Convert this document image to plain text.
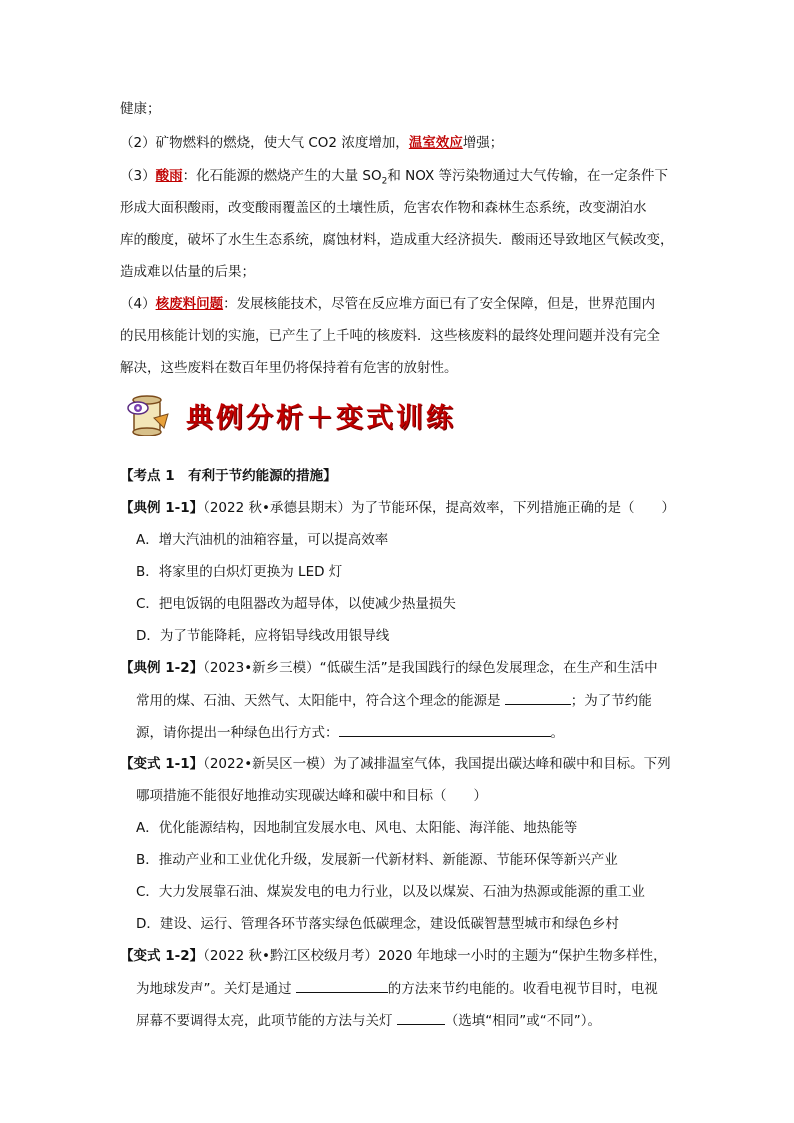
健康；
（2）矿物燃料的燃烧，使大气 CO2 浓度增加，温室效应增强；
（3）酸雨：化石能源的燃烧产生的大量 $SO_2$和 NOX 等污染物通过大气传输，在一定条件下
形成大面积酸雨，改变酸雨覆盖区的土壤性质，危害农作物和森林生态系统，改变湖泊水
库的酸度，破坏了水生生态系统，腐蚀材料，造成重大经济损失．酸雨还导致地区气候改变，
造成难以估量的后果；
（4）核废料问题：发展核能技术，尽管在反应堆方面已有了安全保障，但是，世界范围内
的民用核能计划的实施，已产生了上千吨的核废料．这些核废料的最终处理问题并没有完全
解决，这些废料在数百年里仍将保持着有危害的放射性。
典例分析＋变式训练
【考点 1　有利于节约能源的措施】
【典例 1-1】（2022 秋•承德县期末）为了节能环保，提高效率，下列措施正确的是（　　）
A．增大汽油机的油箱容量，可以提高效率
B．将家里的白炽灯更换为 LED 灯
C．把电饭锅的电阻器改为超导体，以使减少热量损失
D．为了节能降耗，应将铝导线改用银导线
【典例 1-2】（2023•新乡三模）“低碳生活”是我国践行的绿色发展理念，在生产和生活中
常用的煤、石油、天然气、太阳能中，符合这个理念的能源是	；为了节约能
源，请你提出一种绿色出行方式：	。
【变式 1-1】（2022•新吴区一模）为了减排温室气体，我国提出碳达峰和碳中和目标。下列
哪项措施不能很好地推动实现碳达峰和碳中和目标（　　）
A．优化能源结构，因地制宜发展水电、风电、太阳能、海洋能、地热能等
B．推动产业和工业优化升级，发展新一代新材料、新能源、节能环保等新兴产业
C．大力发展靠石油、煤炭发电的电力行业，以及以煤炭、石油为热源或能源的重工业
D．建设、运行、管理各环节落实绿色低碳理念，建设低碳智慧型城市和绿色乡村
【变式 1-2】（2022 秋•黔江区校级月考）2020 年地球一小时的主题为“保护生物多样性，
为地球发声”。关灯是通过	的方法来节约电能的。收看电视节目时，电视
屏幕不要调得太亮，此项节能的方法与关灯	（选填“相同”或“不同”）。
